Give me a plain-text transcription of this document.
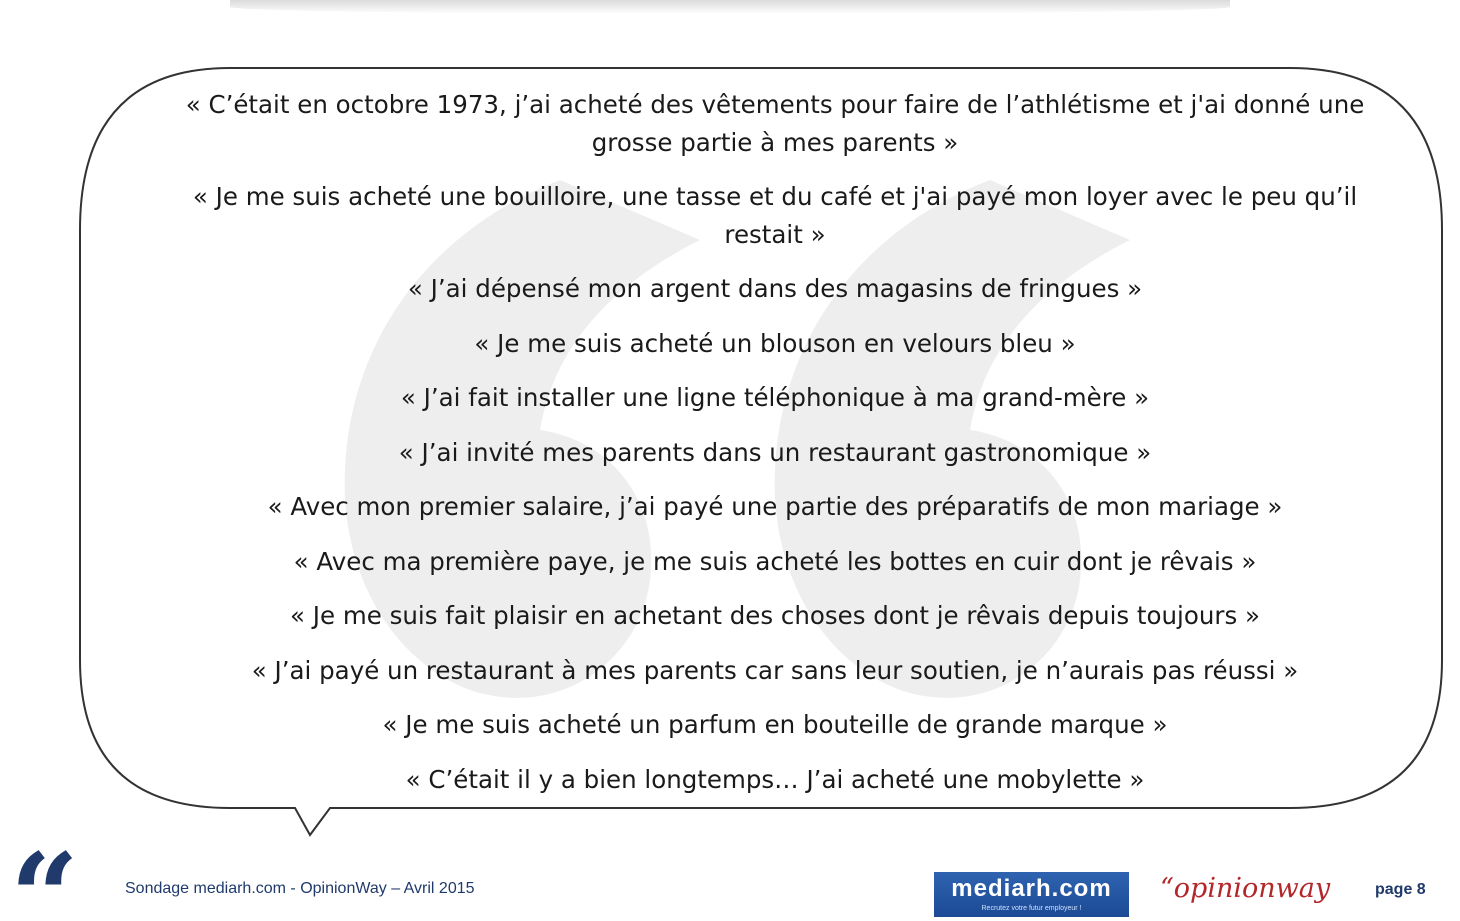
« C’était en octobre 1973, j’ai acheté des vêtements pour faire de l’athlétisme et j'ai donné une grosse partie à mes parents »
« Je me suis acheté une bouilloire, une tasse et du café et j'ai payé mon loyer avec le peu qu’il restait »
« J’ai dépensé mon argent dans des magasins de fringues »
« Je me suis acheté un blouson en velours bleu »
« J’ai fait installer une ligne téléphonique à ma grand-mère »
« J’ai invité mes parents dans un restaurant gastronomique »
« Avec mon premier salaire, j’ai payé une partie des préparatifs de mon mariage »
« Avec ma première paye, je me suis acheté les bottes en cuir dont je rêvais »
« Je me suis fait plaisir en achetant des choses dont je rêvais depuis toujours »
« J’ai payé un restaurant à mes parents car sans leur soutien, je n’aurais pas réussi »
« Je me suis acheté un parfum en bouteille de grande marque »
« C’était il y a bien longtemps… J’ai acheté une mobylette »
“	Sondage mediarh.com - OpinionWay – Avril 2015	mediarh.com
Recrutez votre futur employeur !
“opinionway	page 8
